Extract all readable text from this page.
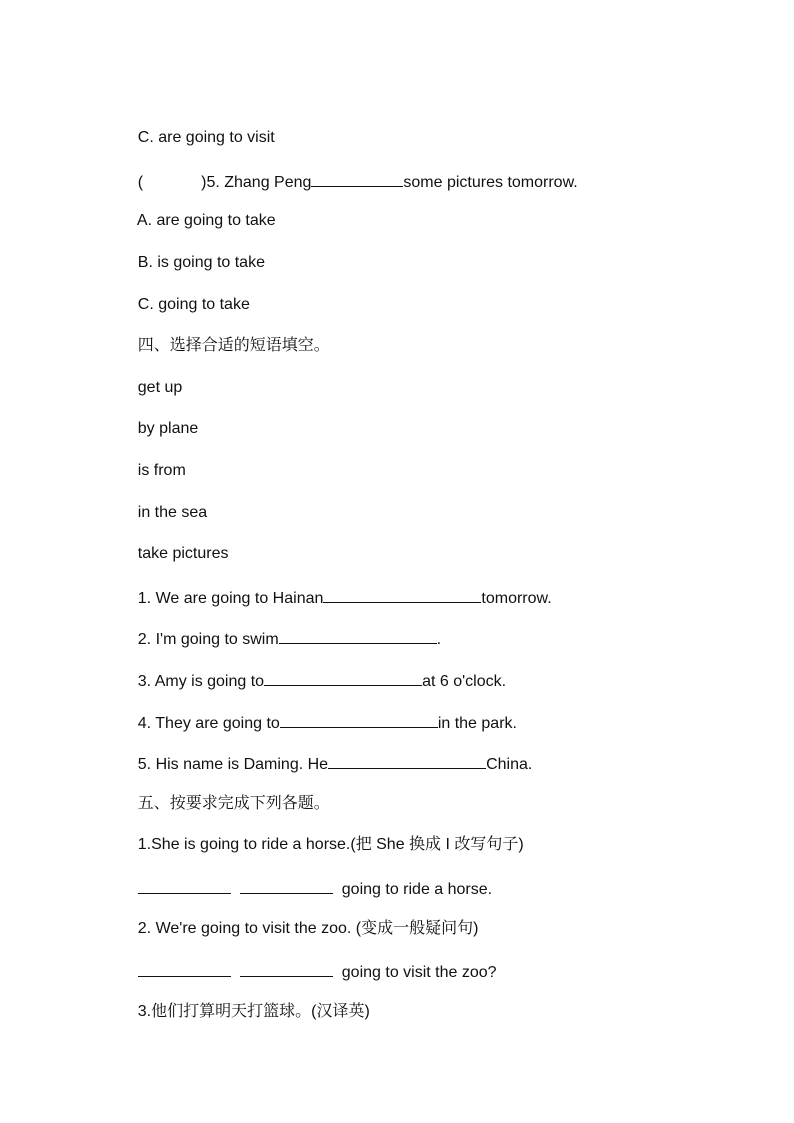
C. are going to visit

(	)5. Zhang Peng	some pictures tomorrow.

A. are going to take

B. is going to take

C. going to take

四、选择合适的短语填空。

get up

by plane

is from

in the sea

take pictures

1. We are going to Hainan	tomorrow.

2. I'm going to swim	.

3. Amy is going to	at 6 o'clock.

4. They are going to	in the park.

5. His name is Daming. He	China.

五、按要求完成下列各题。

1.She is going to ride a horse.(把 She 换成 I 改写句子)

going to ride a horse.

2. We're going to visit the zoo. (变成一般疑问句)

going to visit the zoo?

3.他们打算明天打篮球。(汉译英)
